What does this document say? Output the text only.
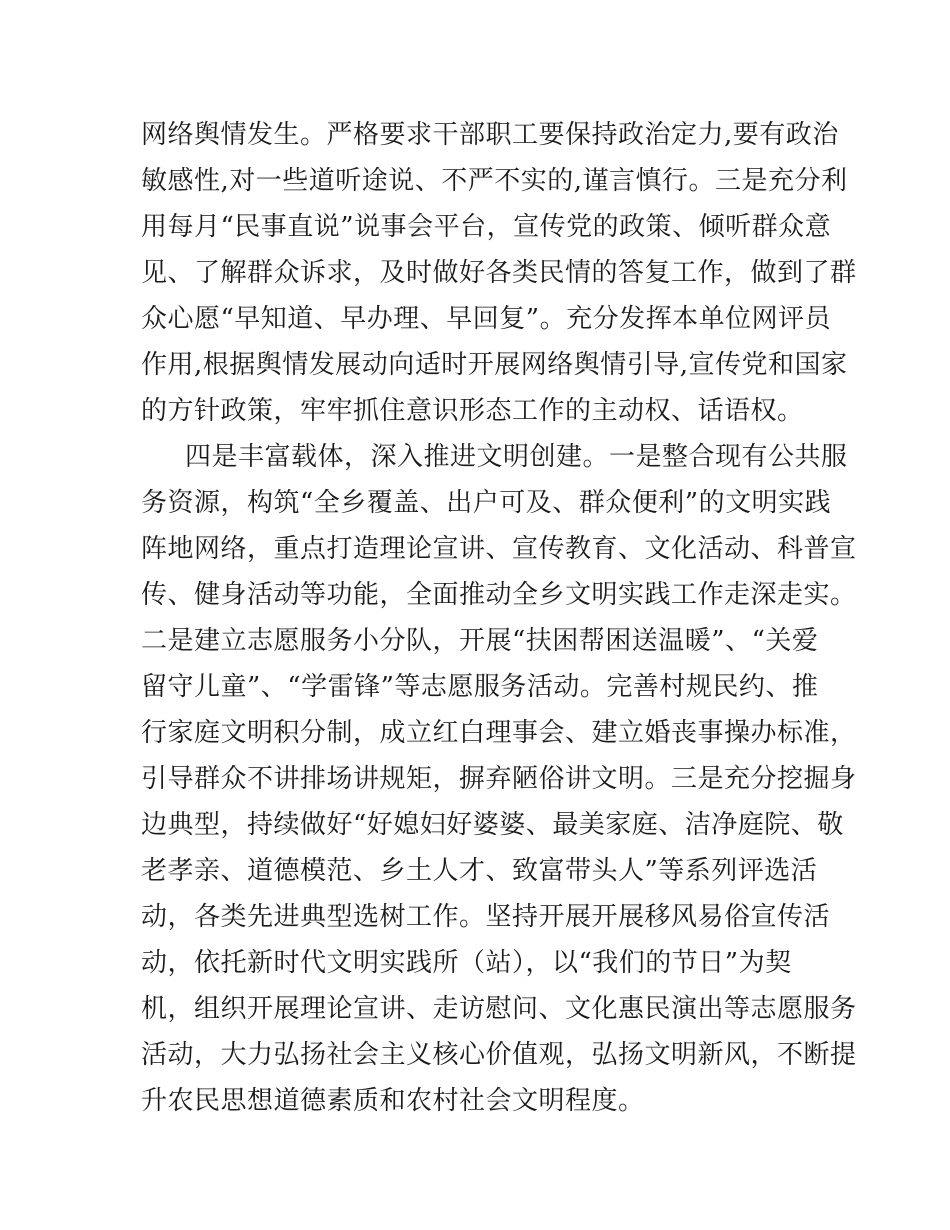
网络舆情发生。严格要求干部职工要保持政治定力,要有政治
敏感性,对一些道听途说、不严不实的,谨言慎行。三是充分利
用每月“民事直说”说事会平台，宣传党的政策、倾听群众意
见、了解群众诉求，及时做好各类民情的答复工作，做到了群
众心愿“早知道、早办理、早回复”。充分发挥本单位网评员
作用,根据舆情发展动向适时开展网络舆情引导,宣传党和国家
的方针政策，牢牢抓住意识形态工作的主动权、话语权。
四是丰富载体，深入推进文明创建。一是整合现有公共服
务资源，构筑“全乡覆盖、出户可及、群众便利”的文明实践
阵地网络，重点打造理论宣讲、宣传教育、文化活动、科普宣
传、健身活动等功能，全面推动全乡文明实践工作走深走实。
二是建立志愿服务小分队，开展“扶困帮困送温暖”、“关爱
留守儿童”、“学雷锋”等志愿服务活动。完善村规民约、推
行家庭文明积分制，成立红白理事会、建立婚丧事操办标准，
引导群众不讲排场讲规矩，摒弃陋俗讲文明。三是充分挖掘身
边典型，持续做好“好媳妇好婆婆、最美家庭、洁净庭院、敬
老孝亲、道德模范、乡土人才、致富带头人”等系列评选活
动，各类先进典型选树工作。坚持开展开展移风易俗宣传活
动，依托新时代文明实践所（站），以“我们的节日”为契
机，组织开展理论宣讲、走访慰问、文化惠民演出等志愿服务
活动，大力弘扬社会主义核心价值观，弘扬文明新风，不断提
升农民思想道德素质和农村社会文明程度。
